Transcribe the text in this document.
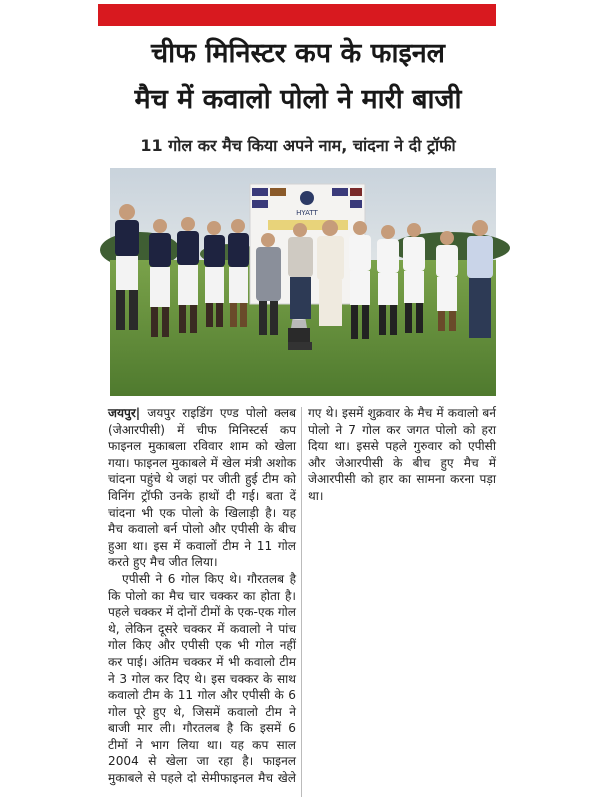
चीफ मिनिस्टर कप के फाइनल
मैच में कवालो पोलो ने मारी बाजी
11 गोल कर मैच किया अपने नाम, चांदना ने दी ट्रॉफी
HYATT

जयपुर| जयपुर राइडिंग एण्ड पोलो क्लब (जेआरपीसी) में चीफ मिनिस्टर्स कप फाइनल मुकाबला रविवार शाम को खेला गया। फाइनल मुकाबले में खेल मंत्री अशोक चांदना पहुंचे थे जहां पर जीती हुई टीम को विनिंग ट्रॉफी उनके हाथों दी गई। बता दें चांदना भी एक पोलो के खिलाड़ी है। यह मैच कवालो बर्न पोलो और एपीसी के बीच हुआ था। इस में कवालों टीम ने 11 गोल करते हुए मैच जीत लिया।

एपीसी ने 6 गोल किए थे। गौरतलब है कि पोलो का मैच चार चक्कर का होता है। पहले चक्कर में दोनों टीमों के एक-एक गोल थे, लेकिन दूसरे चक्कर में कवालो ने पांच गोल किए और एपीसी एक भी गोल नहीं कर पाई। अंतिम चक्कर में भी कवालो टीम ने 3 गोल कर दिए थे। इस चक्कर के साथ कवालो टीम के 11 गोल और एपीसी के 6 गोल पूरे हुए थे, जिसमें कवालो टीम ने बाजी मार ली। गौरतलब है कि इसमें 6 टीमों ने भाग लिया था। यह कप साल 2004 से खेला जा रहा है। फाइनल मुकाबले से पहले दो सेमीफाइनल मैच खेले गए थे। इसमें शुक्रवार के मैच में कवालो बर्न पोलो ने 7 गोल कर जगत पोलो को हरा दिया था। इससे पहले गुरुवार को एपीसी और जेआरपीसी के बीच हुए मैच में जेआरपीसी को हार का सामना करना पड़ा था।
